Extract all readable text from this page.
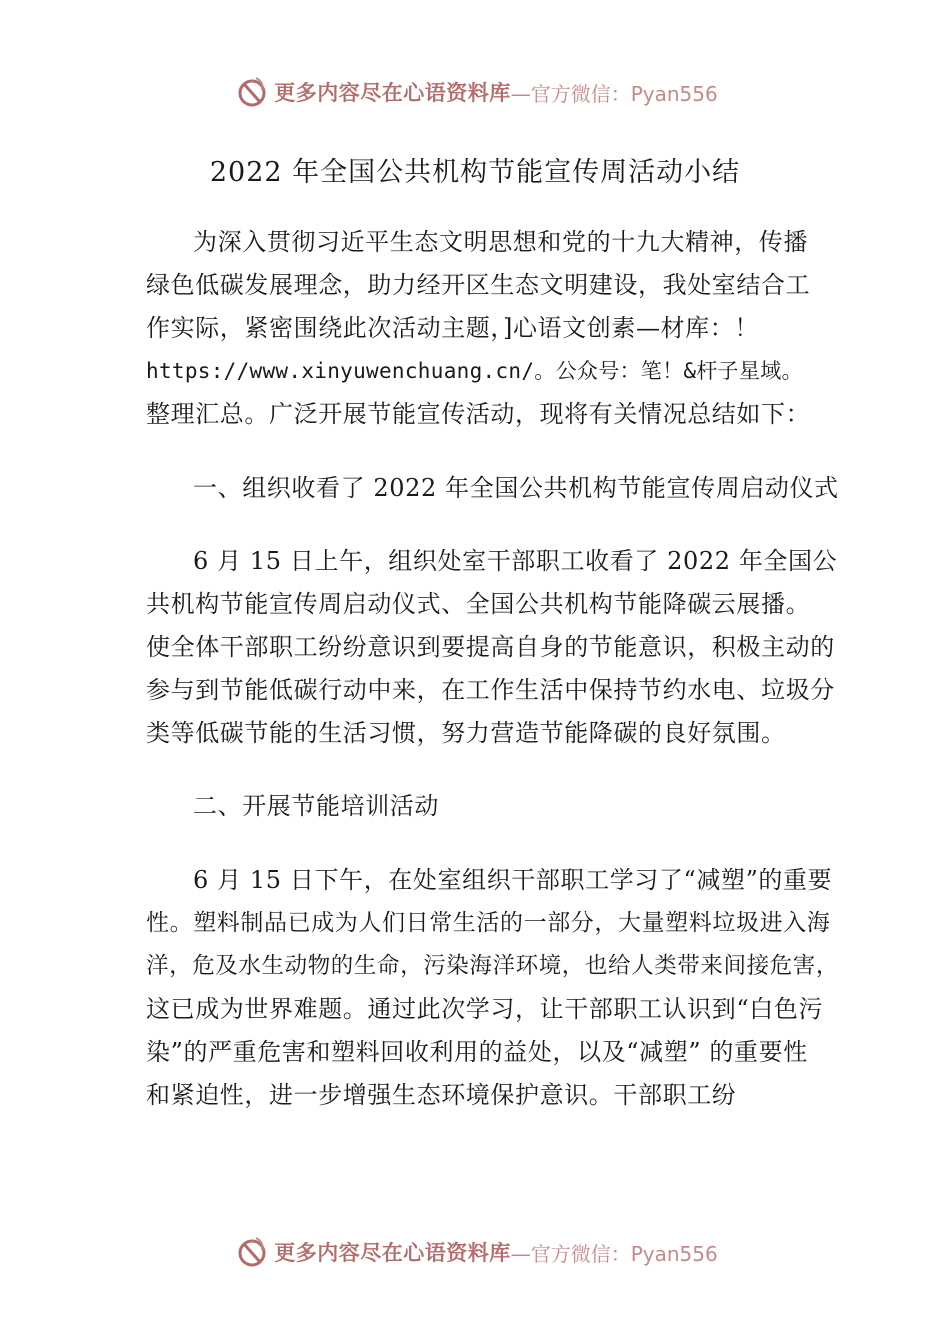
更多内容尽在心语资料库 —官方微信：Pyan556
2022 年全国公共机构节能宣传周活动小结
为深入贯彻习近平生态文明思想和党的十九大精神，传播
绿色低碳发展理念，助力经开区生态文明建设，我处室结合工
作实际，紧密围绕此次活动主题，]心语文创素—材库：！
https://www.xinyuwenchuang.cn/。公众号：笔！&杆子星域。
整理汇总。广泛开展节能宣传活动，现将有关情况总结如下：
一、组织收看了 2022 年全国公共机构节能宣传周启动仪式
6 月 15 日上午，组织处室干部职工收看了 2022 年全国公
共机构节能宣传周启动仪式、全国公共机构节能降碳云展播。
使全体干部职工纷纷意识到要提高自身的节能意识，积极主动的
参与到节能低碳行动中来，在工作生活中保持节约水电、垃圾分
类等低碳节能的生活习惯，努力营造节能降碳的良好氛围。
二、开展节能培训活动
6 月 15 日下午，在处室组织干部职工学习了“减塑”的重要
性。塑料制品已成为人们日常生活的一部分，大量塑料垃圾进入海
洋，危及水生动物的生命，污染海洋环境，也给人类带来间接危害，
这已成为世界难题。通过此次学习，让干部职工认识到“白色污
染”的严重危害和塑料回收利用的益处，以及“减塑” 的重要性
和紧迫性，进一步增强生态环境保护意识。干部职工纷
更多内容尽在心语资料库 —官方微信：Pyan556
